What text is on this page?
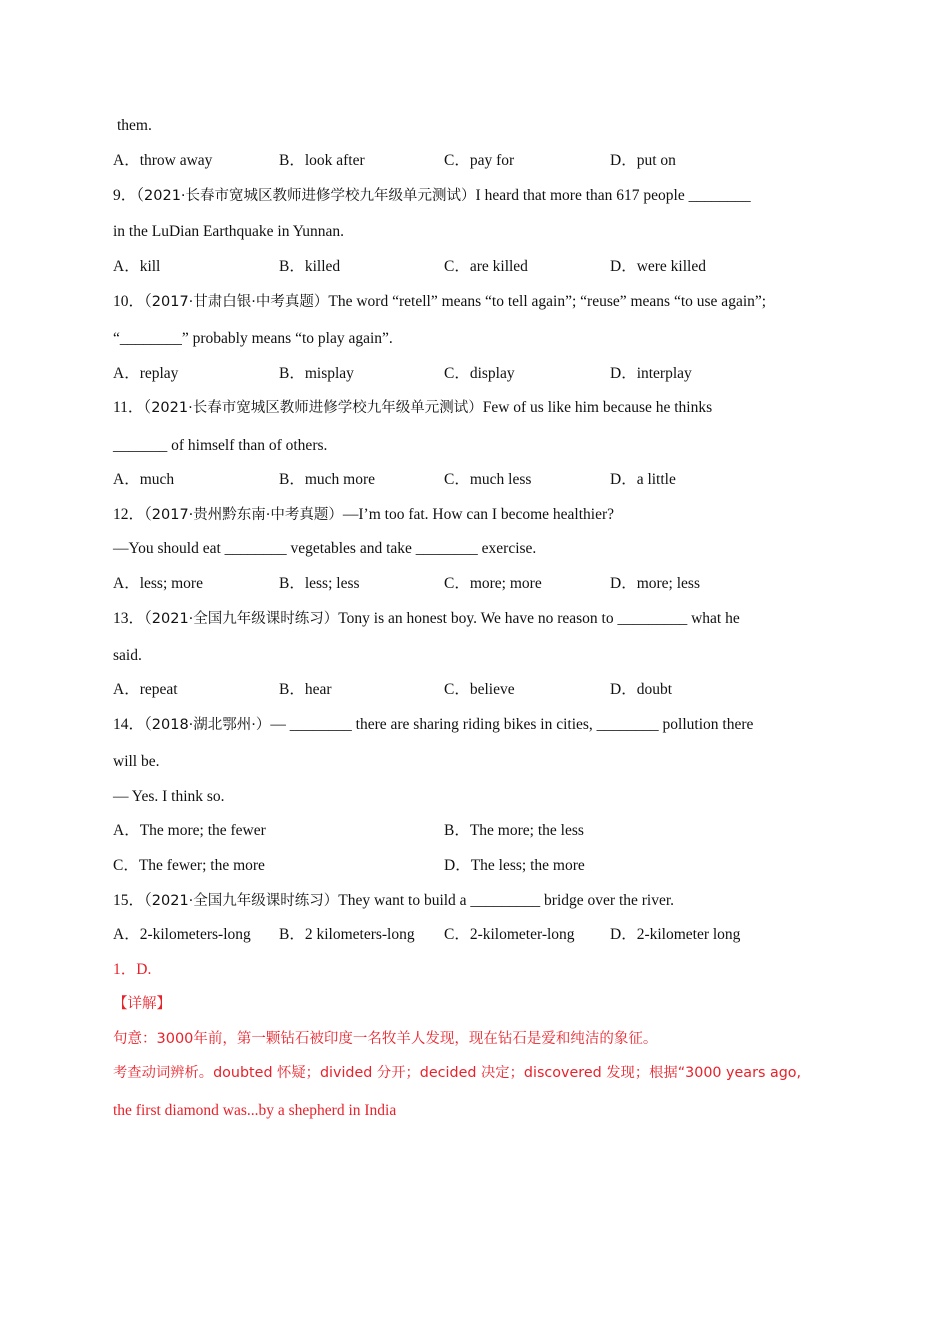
them.
A．throw away	B．look after	C．pay for	D．put on
9．（2021·长春市宽城区教师进修学校九年级单元测试）I heard that more than 617 people ________
in the LuDian Earthquake in Yunnan.
A．kill	B．killed	C．are killed	D．were killed
10．（2017·甘肃白银·中考真题）The word “retell” means “to tell again”; “reuse” means “to use again”;
“________” probably means “to play again”.
A．replay	B．misplay	C．display	D．interplay
11．（2021·长春市宽城区教师进修学校九年级单元测试）Few of us like him because he thinks
_______ of himself than of others.
A．much	B．much more	C．much less	D．a little
12．（2017·贵州黔东南·中考真题）—I’m too fat. How can I become healthier?
—You should eat ________ vegetables and take ________ exercise.
A．less; more	B．less; less	C．more; more	D．more; less
13．（2021·全国九年级课时练习）Tony is an honest boy. We have no reason to _________ what he
said.
A．repeat	B．hear	C．believe	D．doubt
14．（2018·湖北鄂州·）— ________ there are sharing riding bikes in cities, ________ pollution there
will be.
— Yes. I think so.
A．The more; the fewer	B．The more; the less
C．The fewer; the more	D．The less; the more
15．（2021·全国九年级课时练习）They want to build a _________ bridge over the river.
A．2-kilometers-long B．2 kilometers-long C．2-kilometer-long D．2-kilometer long
1．D.
【详解】
句意：3000年前，第一颗钻石被印度一名牧羊人发现，现在钻石是爱和纯洁的象征。
考查动词辨析。doubted 怀疑；divided 分开；decided 决定；discovered 发现；根据“3000 years ago,
the first diamond was...by a shepherd in India
